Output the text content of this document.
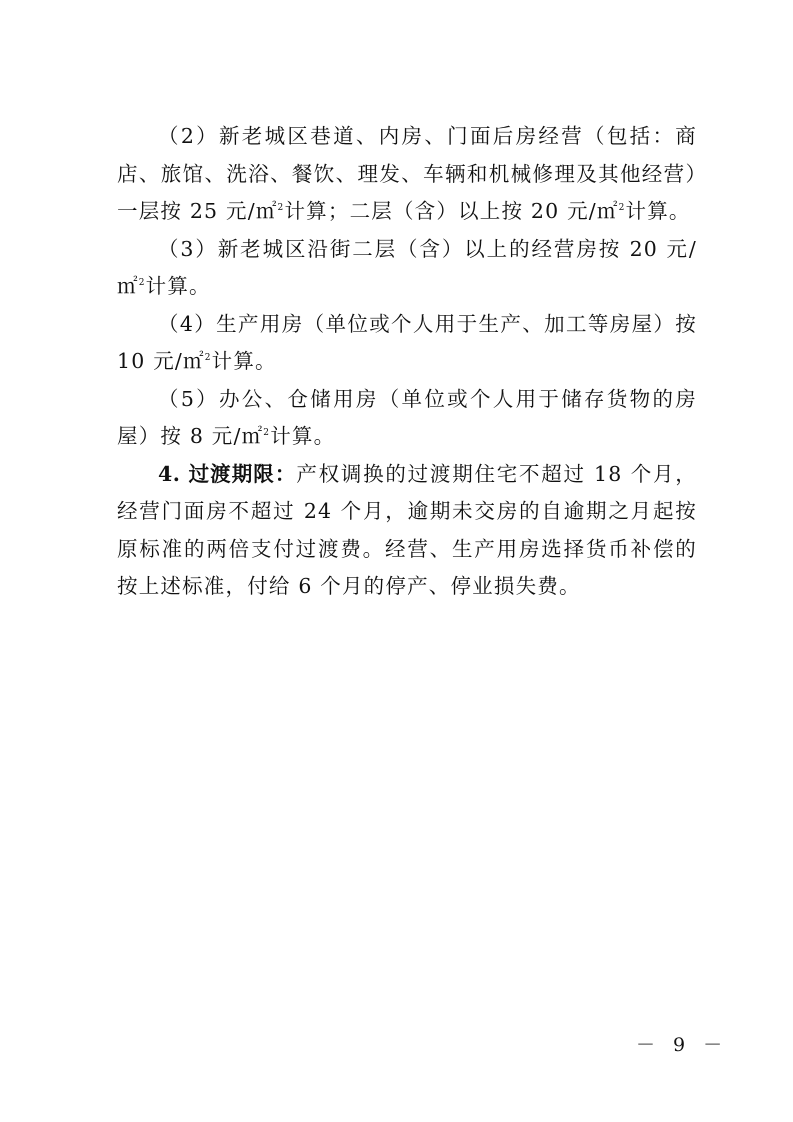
（2）新老城区巷道、内房、门面后房经营（包括：商店、旅馆、洗浴、餐饮、理发、车辆和机械修理及其他经营）一层按 25 元/㎡$^2$计算；二层（含）以上按 20 元/㎡$^2$计算。

（3）新老城区沿街二层（含）以上的经营房按 20 元/㎡$^2$计算。

（4）生产用房（单位或个人用于生产、加工等房屋）按 10 元/㎡$^2$计算。

（5）办公、仓储用房（单位或个人用于储存货物的房屋）按 8 元/㎡$^2$计算。

4. 过渡期限：产权调换的过渡期住宅不超过 18 个月，经营门面房不超过 24 个月，逾期未交房的自逾期之月起按原标准的两倍支付过渡费。经营、生产用房选择货币补偿的按上述标准，付给 6 个月的停产、停业损失费。

－ 9 －
